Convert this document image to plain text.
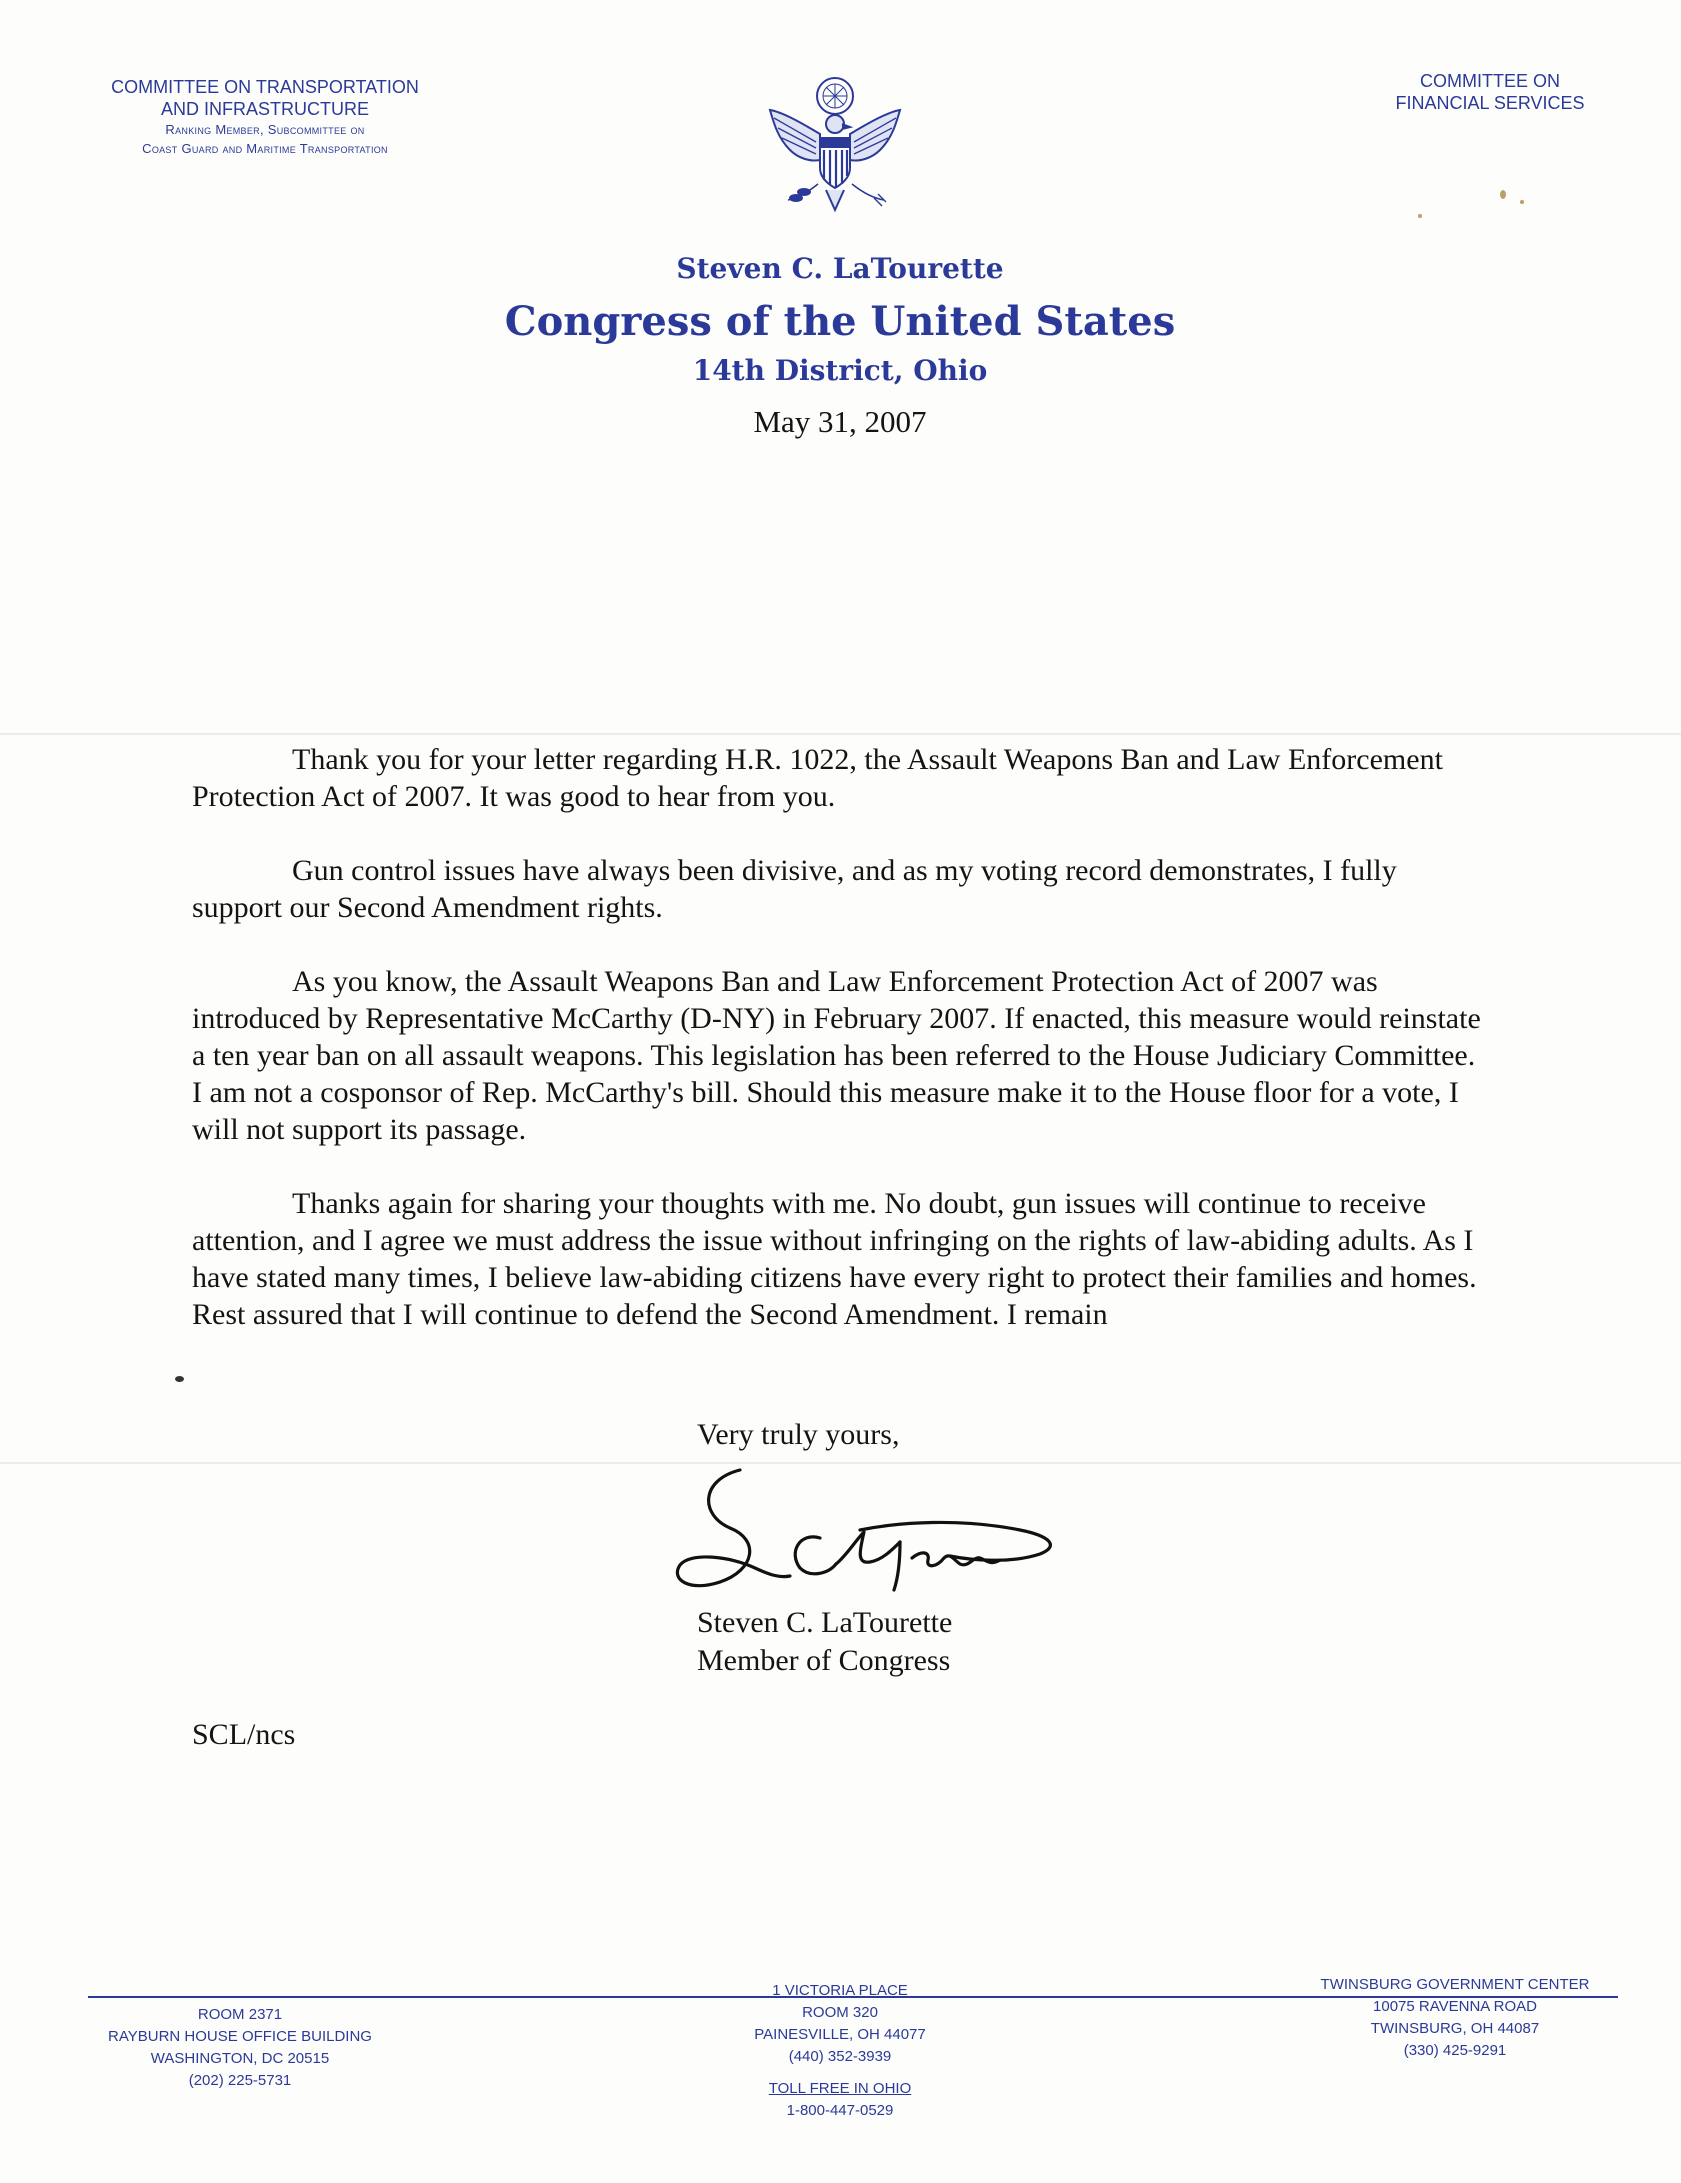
COMMITTEE ON TRANSPORTATION
AND INFRASTRUCTURE
Ranking Member, Subcommittee on
Coast Guard and Maritime Transportation
COMMITTEE ON
FINANCIAL SERVICES
Steven C. LaTourette
Congress of the United States
14th District, Ohio
May 31, 2007

Thank you for your letter regarding H.R. 1022, the Assault Weapons Ban and Law Enforcement Protection Act of 2007. It was good to hear from you.

Gun control issues have always been divisive, and as my voting record demonstrates, I fully support our Second Amendment rights.

As you know, the Assault Weapons Ban and Law Enforcement Protection Act of 2007 was introduced by Representative McCarthy (D-NY) in February 2007. If enacted, this measure would reinstate a ten year ban on all assault weapons. This legislation has been referred to the House Judiciary Committee. I am not a cosponsor of Rep. McCarthy's bill. Should this measure make it to the House floor for a vote, I will not support its passage.

Thanks again for sharing your thoughts with me. No doubt, gun issues will continue to receive attention, and I agree we must address the issue without infringing on the rights of law-abiding adults. As I have stated many times, I believe law-abiding citizens have every right to protect their families and homes. Rest assured that I will continue to defend the Second Amendment. I remain

Very truly yours,
Steven C. LaTourette
Member of Congress
SCL/ncs
ROOM 2371
RAYBURN HOUSE OFFICE BUILDING
WASHINGTON, DC 20515
(202) 225-5731
1 VICTORIA PLACE
ROOM 320
PAINESVILLE, OH 44077
(440) 352-3939
TOLL FREE IN OHIO
1-800-447-0529
TWINSBURG GOVERNMENT CENTER
10075 RAVENNA ROAD
TWINSBURG, OH 44087
(330) 425-9291
